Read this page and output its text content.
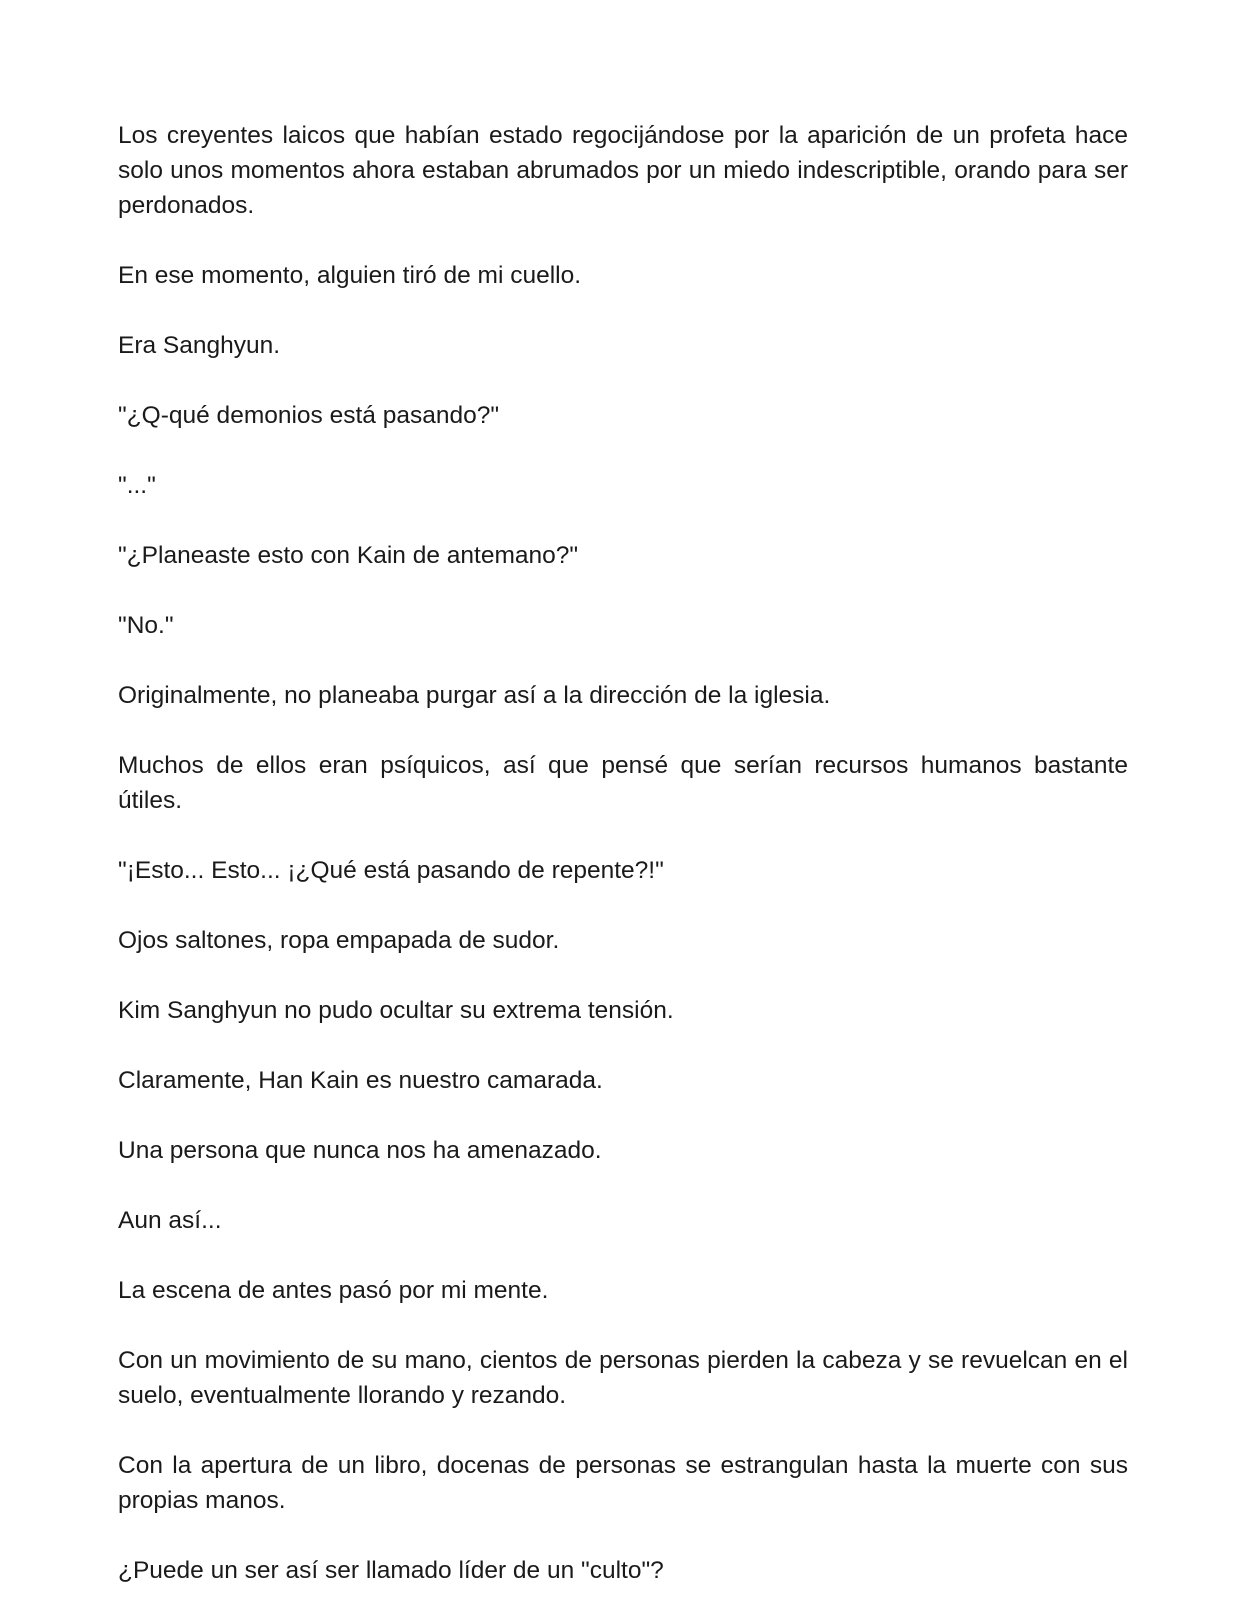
Los creyentes laicos que habían estado regocijándose por la aparición de un profeta hace solo unos momentos ahora estaban abrumados por un miedo indescriptible, orando para ser perdonados.

En ese momento, alguien tiró de mi cuello.

Era Sanghyun.

"¿Q-qué demonios está pasando?"

"..."

"¿Planeaste esto con Kain de antemano?"

"No."

Originalmente, no planeaba purgar así a la dirección de la iglesia.

Muchos de ellos eran psíquicos, así que pensé que serían recursos humanos bastante útiles.

"¡Esto... Esto... ¡¿Qué está pasando de repente?!"

Ojos saltones, ropa empapada de sudor.

Kim Sanghyun no pudo ocultar su extrema tensión.

Claramente, Han Kain es nuestro camarada.

Una persona que nunca nos ha amenazado.

Aun así...

La escena de antes pasó por mi mente.

Con un movimiento de su mano, cientos de personas pierden la cabeza y se revuelcan en el suelo, eventualmente llorando y rezando.

Con la apertura de un libro, docenas de personas se estrangulan hasta la muerte con sus propias manos.

¿Puede un ser así ser llamado líder de un "culto"?
